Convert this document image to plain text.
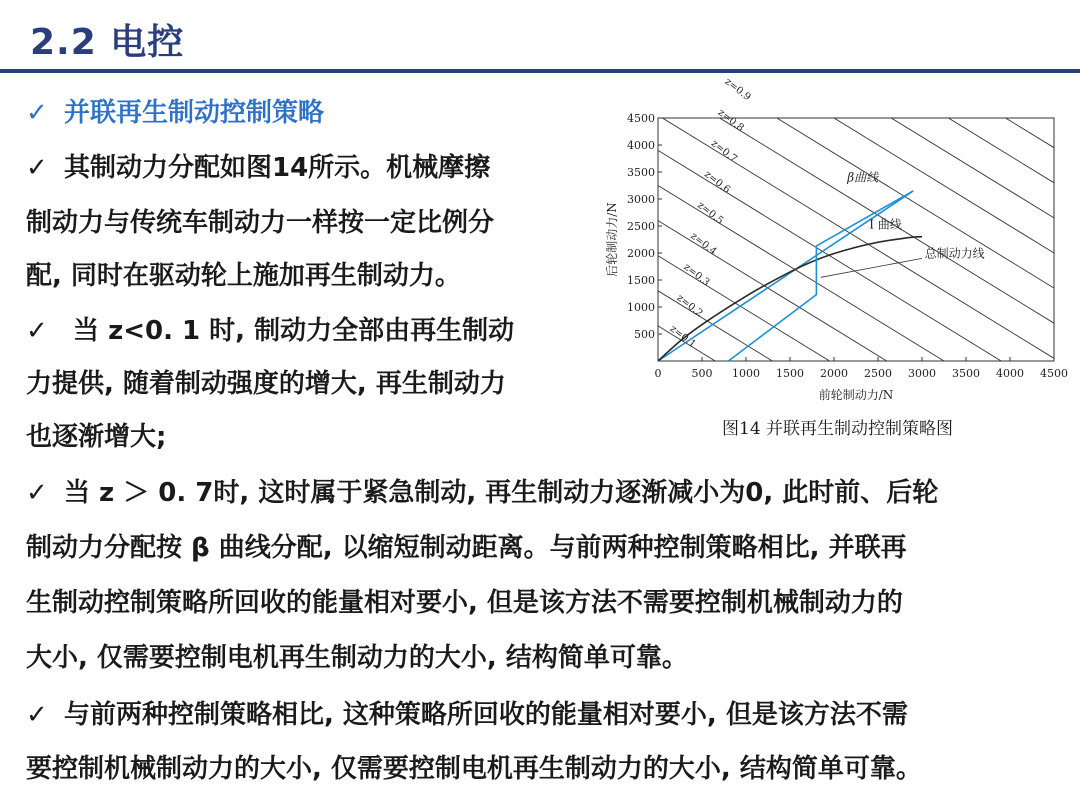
2.2 电控
✓ 并联再生制动控制策略
✓ 其制动力分配如图14所示。机械摩擦
制动力与传统车制动力一样按一定比例分
配, 同时在驱动轮上施加再生制动力。
✓ 当 z<0. 1 时, 制动力全部由再生制动
力提供, 随着制动强度的增大, 再生制动力
也逐渐增大;
✓ 当 z ＞ 0. 7时, 这时属于紧急制动, 再生制动力逐渐减小为0, 此时前、后轮
制动力分配按 β 曲线分配, 以缩短制动距离。与前两种控制策略相比, 并联再
生制动控制策略所回收的能量相对要小, 但是该方法不需要控制机械制动力的
大小, 仅需要控制电机再生制动力的大小, 结构简单可靠。
✓ 与前两种控制策略相比, 这种策略所回收的能量相对要小, 但是该方法不需
要控制机械制动力的大小, 仅需要控制电机再生制动力的大小, 结构简单可靠。
z=0.1
z=0.2
z=0.3
z=0.4
z=0.5
z=0.6
z=0.7
z=0.8
z=0.9
β曲线
I 曲线
总制动力线
0	500 1000 1500 2000 2500 3000 3500 4000 4500
500
1000
1500
2000
2500
3000
3500
4000
4500
前轮制动力/N
后轮制动力/N
图14 并联再生制动控制策略图
